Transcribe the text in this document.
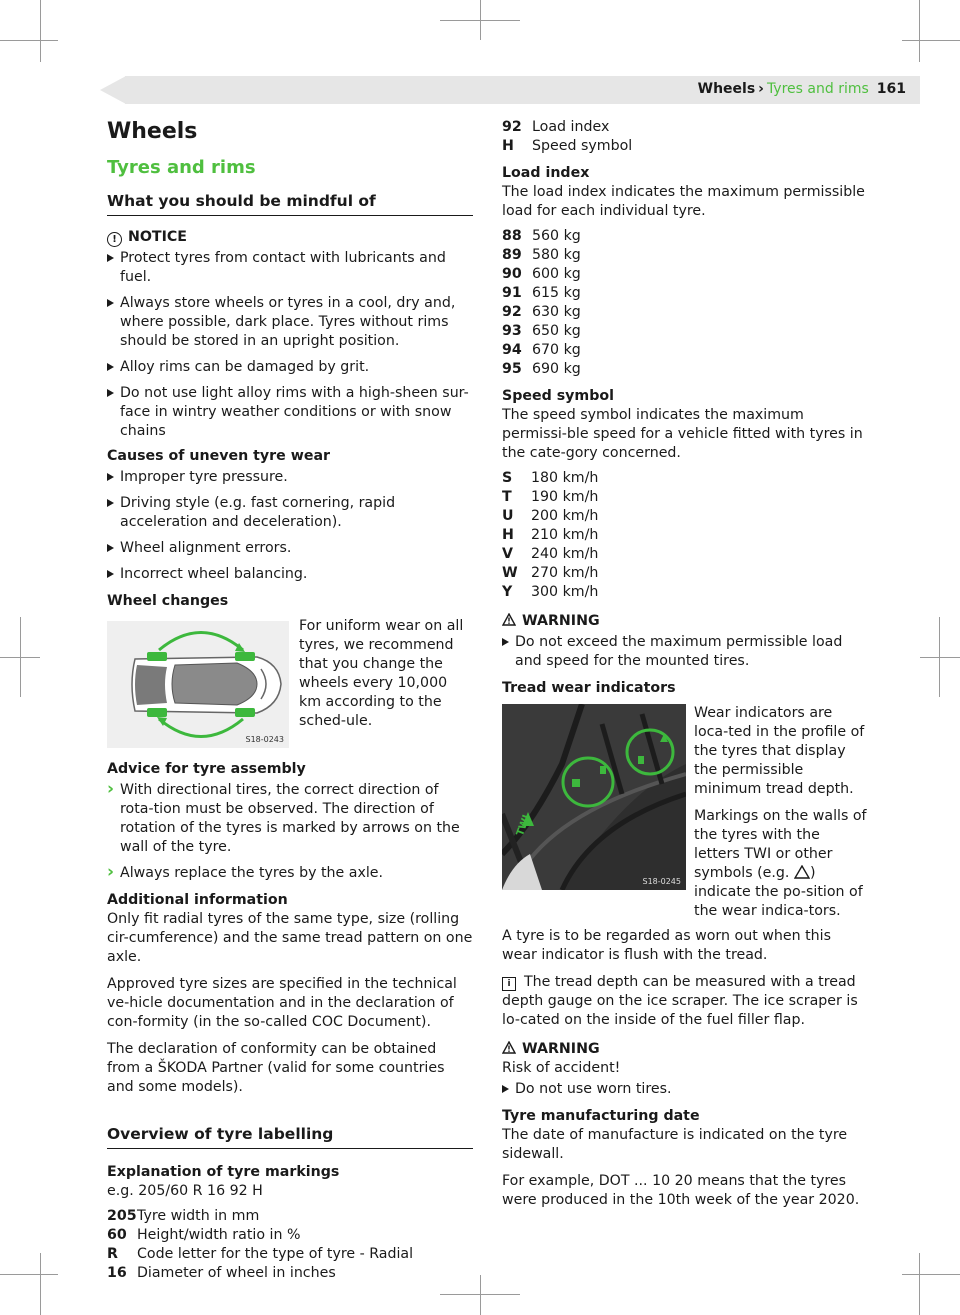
Wheels › Tyres and rims 161
Wheels
Tyres and rims
What you should be mindful of
! NOTICE
Protect tyres from contact with lubricants and fuel.
Always store wheels or tyres in a cool, dry and, where possible, dark place. Tyres without rims should be stored in an upright position.
Alloy rims can be damaged by grit.
Do not use light alloy rims with a high-sheen sur-face in wintry weather conditions or with snow chains

Causes of uneven tyre wear

Improper tyre pressure.
Driving style (e.g. fast cornering, rapid acceleration and deceleration).
Wheel alignment errors.
Incorrect wheel balancing.

Wheel changes

S18-0243

For uniform wear on all tyres, we recommend that you change the wheels every 10,000 km according to the sched-ule.

Advice for tyre assembly

› With directional tires, the correct direction of rota-tion must be observed. The direction of rotation of the tyres is marked by arrows on the wall of the tyre.
› Always replace the tyres by the axle.

Additional information

Only fit radial tyres of the same type, size (rolling cir-cumference) and the same tread pattern on one axle.

Approved tyre sizes are specified in the technical ve-hicle documentation and in the declaration of con-formity (in the so-called COC Document).

The declaration of conformity can be obtained from a ŠKODA Partner (valid for some countries and some models).

Overview of tyre labelling

Explanation of tyre markings

e.g. 205/60 R 16 92 H

205 Tyre width in mm
60 Height/width ratio in %
R	Code letter for the type of tyre - Radial
16 Diameter of wheel in inches
92 Load index
H	Speed symbol

Load index

The load index indicates the maximum permissible load for each individual tyre.

88 560 kg
89 580 kg
90 600 kg
91 615 kg
92 630 kg
93 650 kg
94 670 kg
95 690 kg

Speed symbol

The speed symbol indicates the maximum permissi-ble speed for a vehicle fitted with tyres in the cate-gory concerned.

S	180 km/h
T	190 km/h
U	200 km/h
H	210 km/h
V	240 km/h
W 270 km/h
Y	300 km/h
WARNING
Do not exceed the maximum permissible load and speed for the mounted tires.

Tread wear indicators

S18-0245
TWI

Wear indicators are loca-ted in the profile of the tyres that display the permissible minimum tread depth.

Markings on the walls of the tyres with the letters TWI or other symbols (e.g. ) indicate the po-sition of the wear indica-tors.

A tyre is to be regarded as worn out when this wear indicator is flush with the tread.

i The tread depth can be measured with a tread depth gauge on the ice scraper. The ice scraper is lo-cated on the inside of the fuel filler flap.

WARNING

Risk of accident!

Do not use worn tires.

Tyre manufacturing date

The date of manufacture is indicated on the tyre sidewall.

For example, DOT ... 10 20 means that the tyres were produced in the 10th week of the year 2020.
